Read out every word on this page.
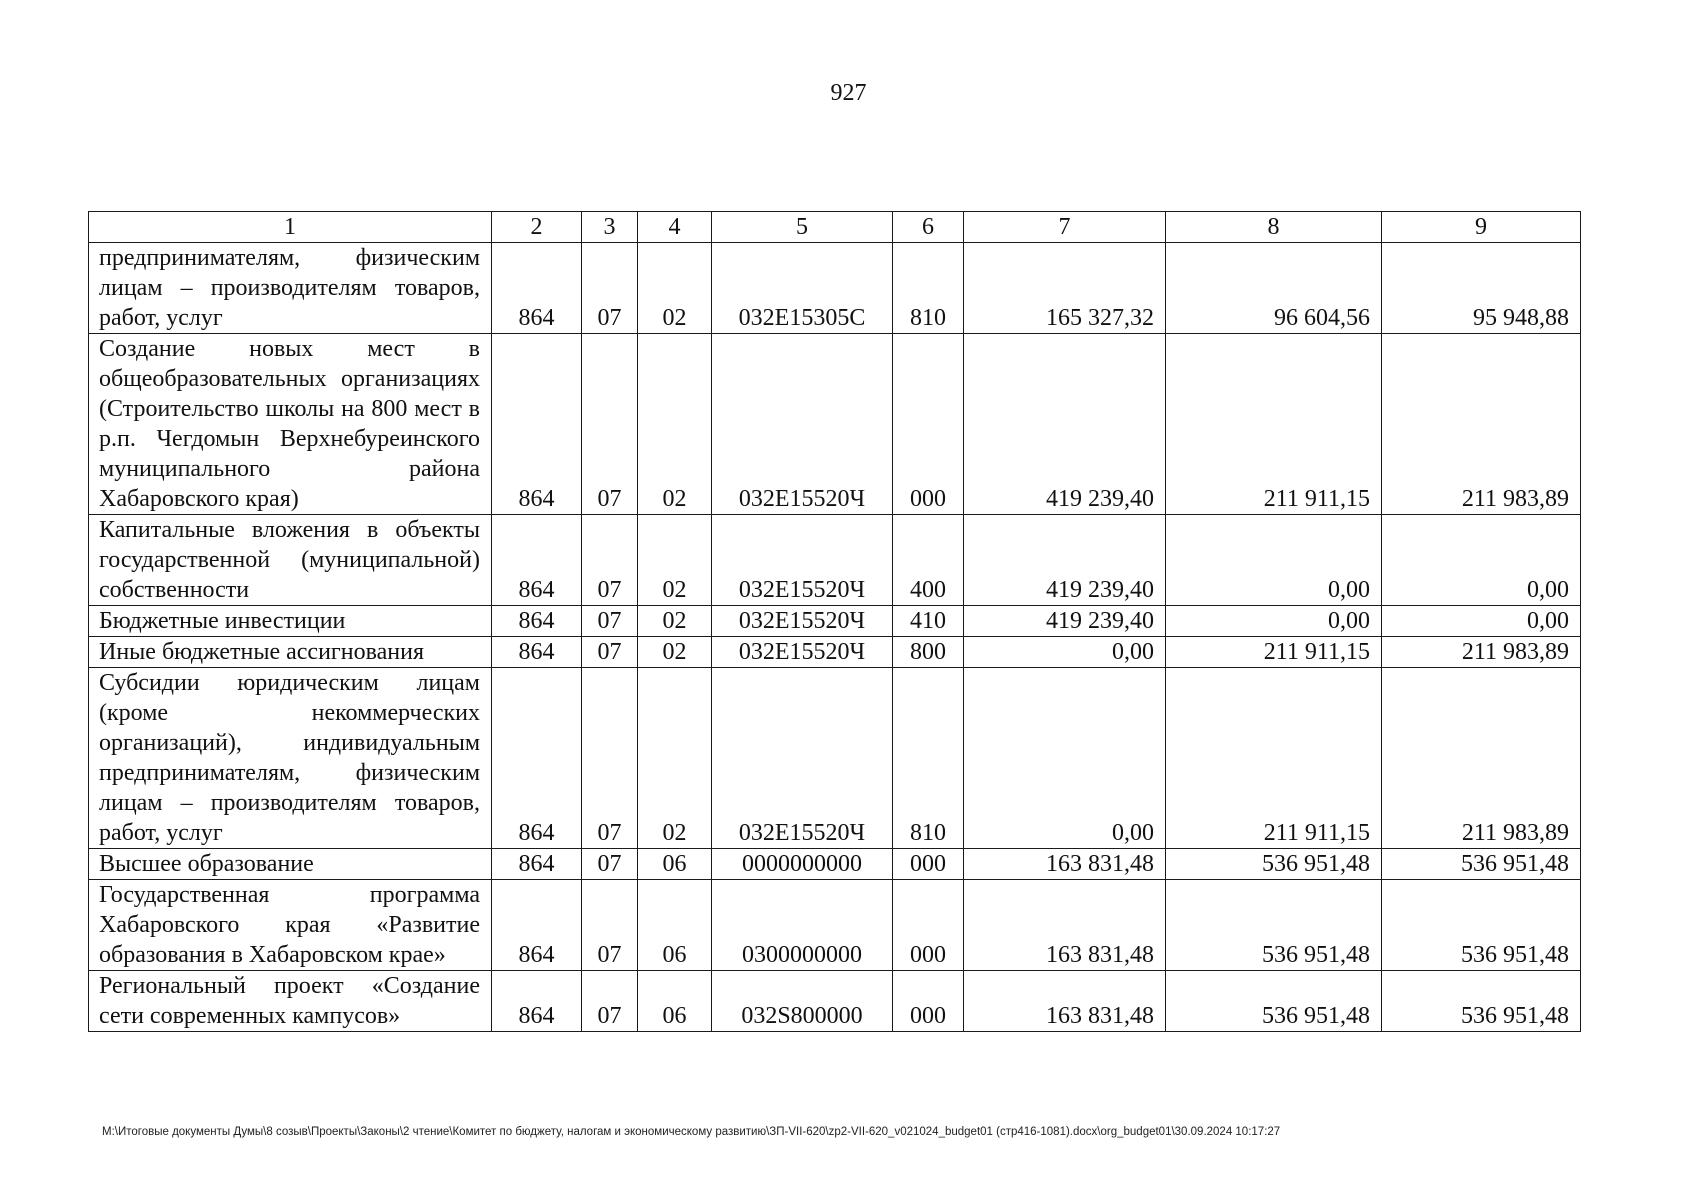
927
1	2	3	4	5	6	7	8	9
предпринимателям, физическим лицам – производителям товаров, работ, услуг	864	07	02	032E15305C	810	165 327,32	96 604,56	95 948,88
Создание новых мест в общеобразовательных организациях (Строительство школы на 800 мест в р.п. Чегдомын Верхнебуреинского муниципального района Хабаровского края)	864	07	02	032E15520Ч	000	419 239,40	211 911,15	211 983,89
Капитальные вложения в объекты государственной (муниципальной) собственности	864	07	02	032E15520Ч	400	419 239,40	0,00	0,00
Бюджетные инвестиции	864	07	02	032E15520Ч	410	419 239,40	0,00	0,00
Иные бюджетные ассигнования	864	07	02	032E15520Ч	800	0,00	211 911,15	211 983,89
Субсидии юридическим лицам (кроме некоммерческих организаций), индивидуальным предпринимателям, физическим лицам – производителям товаров, работ, услуг	864	07	02	032E15520Ч	810	0,00	211 911,15	211 983,89
Высшее образование	864	07	06	0000000000	000	163 831,48	536 951,48	536 951,48
Государственная программа Хабаровского края «Развитие образования в Хабаровском крае»	864	07	06	0300000000	000	163 831,48	536 951,48	536 951,48
Региональный проект «Создание сети современных кампусов»	864	07	06	032S800000	000	163 831,48	536 951,48	536 951,48
M:\Итоговые документы Думы\8 созыв\Проекты\Законы\2 чтение\Комитет по бюджету, налогам и экономическому развитию\ЗП-VII-620\zp2-VII-620_v021024_budget01 (стр416-1081).docx\org_budget01\30.09.2024 10:17:27
